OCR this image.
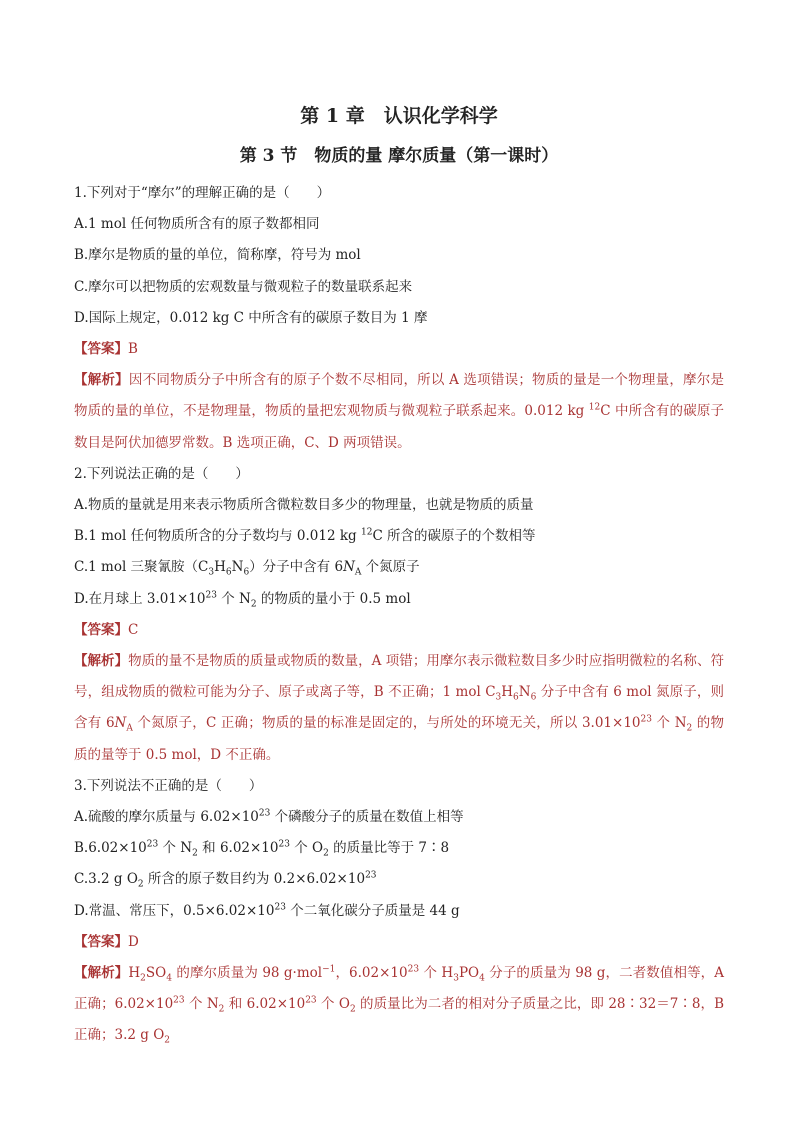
第 1 章　认识化学科学
第 3 节　物质的量 摩尔质量（第一课时）

1.下列对于“摩尔”的理解正确的是（　　）

A.1 mol 任何物质所含有的原子数都相同

B.摩尔是物质的量的单位，简称摩，符号为 mol

C.摩尔可以把物质的宏观数量与微观粒子的数量联系起来

D.国际上规定，0.012 kg C 中所含有的碳原子数目为 1 摩

【答案】B

【解析】因不同物质分子中所含有的原子个数不尽相同，所以 A 选项错误；物质的量是一个物理量，摩尔是物质的量的单位，不是物理量，物质的量把宏观物质与微观粒子联系起来。0.012 kg $^{12}$C 中所含有的碳原子数目是阿伏加德罗常数。B 选项正确，C、D 两项错误。

2.下列说法正确的是（　　）

A.物质的量就是用来表示物质所含微粒数目多少的物理量，也就是物质的质量

B.1 mol 任何物质所含的分子数均与 0.012 kg $^{12}$C 所含的碳原子的个数相等

C.1 mol 三聚氰胺$(C_3H_6N_6)$分子中含有 $6N_A$ 个氮原子

D.在月球上 $3.01\times 10^{23}$ 个 $N_2$ 的物质的量小于 0.5 mol

【答案】C

【解析】物质的量不是物质的质量或物质的数量，A 项错；用摩尔表示微粒数目多少时应指明微粒的名称、符号，组成物质的微粒可能为分子、原子或离子等，B 不正确；1 mol $C_3H_6N_6$ 分子中含有 6 mol 氮原子，则含有 $6N_A$ 个氮原子，C 正确；物质的量的标准是固定的，与所处的环境无关，所以 $3.01\times 10^{23}$ 个 $N_2$ 的物质的量等于 0.5 mol，D 不正确。

3.下列说法不正确的是（　　）

A.硫酸的摩尔质量与 $6.02\times 10^{23}$ 个磷酸分子的质量在数值上相等

$B.6.02\times 10^{23}$ 个 $N_2$ 和 $6.02\times 10^{23}$ 个 $O_2$ 的质量比等于 7∶8

C.3.2 g $O_2$ 所含的原子数目约为 $0.2\times 6.02\times 10^{23}$

D.常温、常压下，$0.5\times 6.02\times 10^{23}$ 个二氧化碳分子质量是 44 g

【答案】D

【解析】$H_2SO_4$ 的摩尔质量为 98 g·mol$^{-1}$，$6.02\times 10^{23}$ 个 $H_3PO_4$ 分子的质量为 98 g，二者数值相等，A 正确；$6.02\times 10^{23}$ 个 $N_2$ 和 $6.02\times 10^{23}$ 个 $O_2$ 的质量比为二者的相对分子质量之比，即 28∶32＝7∶8，B 正确；3.2 g $O_2$
